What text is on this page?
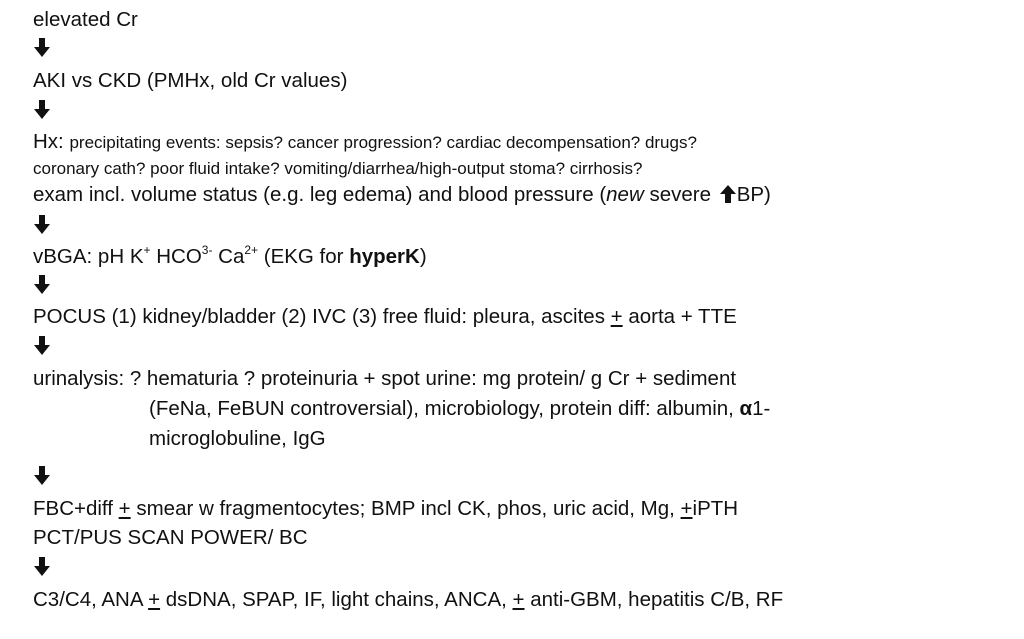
elevated Cr
AKI vs CKD (PMHx, old Cr values)
Hx: precipitating events: sepsis? cancer progression? cardiac decompensation? drugs?
coronary cath? poor fluid intake? vomiting/diarrhea/high-output stoma? cirrhosis?
exam incl. volume status (e.g. leg edema) and blood pressure (new severe BP)
vBGA: pH K+ $HCO^{3-}$ $Ca^{2+}$ (EKG for hyperK)
POCUS (1) kidney/bladder (2) IVC (3) free fluid: pleura, ascites + aorta + TTE
urinalysis: ? hematuria ? proteinuria + spot urine: mg protein/ g Cr + sediment
(FeNa, FeBUN controversial), microbiology, protein diff: albumin, α1-
microglobuline, IgG
FBC+diff + smear w fragmentocytes; BMP incl CK, phos, uric acid, Mg, +iPTH
PCT/PUS SCAN POWER/ BC
C3/C4, ANA + dsDNA, SPAP, IF, light chains, ANCA, + anti-GBM, hepatitis C/B, RF
